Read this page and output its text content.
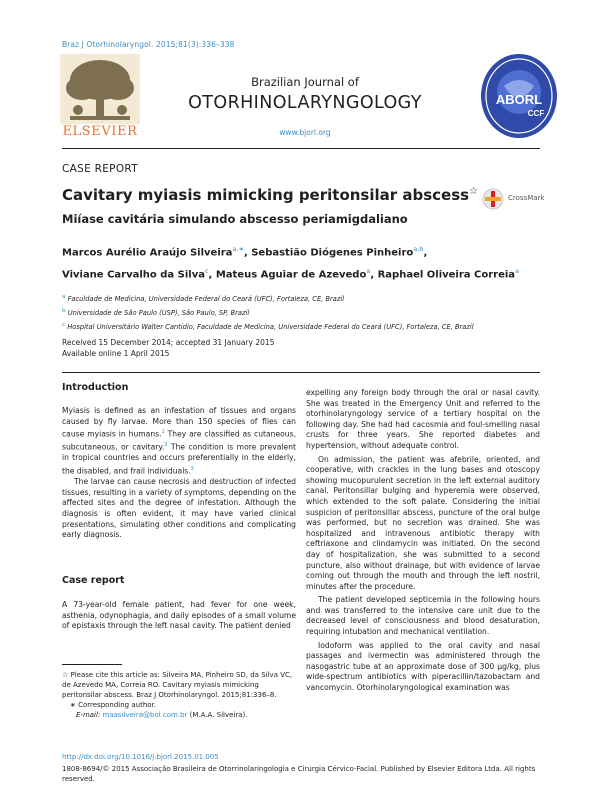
Braz J Otorhinolaryngol. 2015;81(3):336–338
ELSEVIER
Brazilian Journal of
OTORHINOLARYNGOLOGY
www.bjorl.org
ABORL
CCF
CASE REPORT
Cavitary myiasis mimicking peritonsilar abscess☆
CrossMark
Miíase cavitária simulando abscesso periamigdaliano
Marcos Aurélio Araújo Silveira$^{a,∗}$, Sebastião Diógenes Pinheiro$^{a,b}$,
Viviane Carvalho da Silva$^c$, Mateus Aguiar de Azevedo$^a$, Raphael Oliveira Correia$^a$
$^a$ Faculdade de Medicina, Universidade Federal do Ceará (UFC), Fortaleza, CE, Brazil
$^b$ Universidade de São Paulo (USP), São Paulo, SP, Brazil
$^c$ Hospital Universitário Walter Cantídio, Faculdade de Medicina, Universidade Federal do Ceará (UFC), Fortaleza, CE, Brazil
Received 15 December 2014; accepted 31 January 2015
Available online 1 April 2015
Introduction

Myiasis is defined as an infestation of tissues and organs caused by fly larvae. More than 150 species of flies can cause myiasis in humans.$^1$ They are classified as cutaneous, subcutaneous, or cavitary.$^2$ The condition is more prevalent in tropical countries and occurs preferentially in the elderly, the disabled, and frail individuals.$^3$

The larvae can cause necrosis and destruction of infected tissues, resulting in a variety of symptoms, depending on the affected sites and the degree of infestation. Although the diagnosis is often evident, it may have varied clinical presentations, simulating other conditions and complicating early diagnosis.

Case report

A 73-year-old female patient, had fever for one week, asthenia, odynophagia, and daily episodes of a small volume of epistaxis through the left nasal cavity. The patient denied

☆ Please cite this article as: Silveira MA, Pinheiro SD, da Silva VC, de Azevedo MA, Correia RO. Cavitary myiasis mimicking peritonsilar abscess. Braz J Otorhinolaryngol. 2015;81:336–8.
∗ Corresponding author.
E-mail: maasilveira@bol.com.br (M.A.A. Silveira).

expelling any foreign body through the oral or nasal cavity. She was treated in the Emergency Unit and referred to the otorhinolaryngology service of a tertiary hospital on the following day. She had had cacosmia and foul-smelling nasal crusts for three years. She reported diabetes and hypertension, without adequate control.

On admission, the patient was afebrile, oriented, and cooperative, with crackles in the lung bases and otoscopy showing mucopurulent secretion in the left external auditory canal. Peritonsillar bulging and hyperemia were observed, which extended to the soft palate. Considering the initial suspicion of peritonsillar abscess, puncture of the oral bulge was performed, but no secretion was drained. She was hospitalized and intravenous antibiotic therapy with ceftriaxone and clindamycin was initiated. On the second day of hospitalization, she was submitted to a second puncture, also without drainage, but with evidence of larvae coming out through the mouth and through the left nostril, minutes after the procedure.

The patient developed septicemia in the following hours and was transferred to the intensive care unit due to the decreased level of consciousness and blood desaturation, requiring intubation and mechanical ventilation.

Iodoform was applied to the oral cavity and nasal passages and ivermectin was administered through the nasogastric tube at an approximate dose of 300 μg/kg, plus wide-spectrum antibiotics with piperacillin/tazobactam and vancomycin. Otorhinolaryngological examination was

http://dx.doi.org/10.1016/j.bjorl.2015.01.005
1808-8694/© 2015 Associação Brasileira de Otorrinolaringologia e Cirurgia Cérvico-Facial. Published by Elsevier Editora Ltda. All rights reserved.
